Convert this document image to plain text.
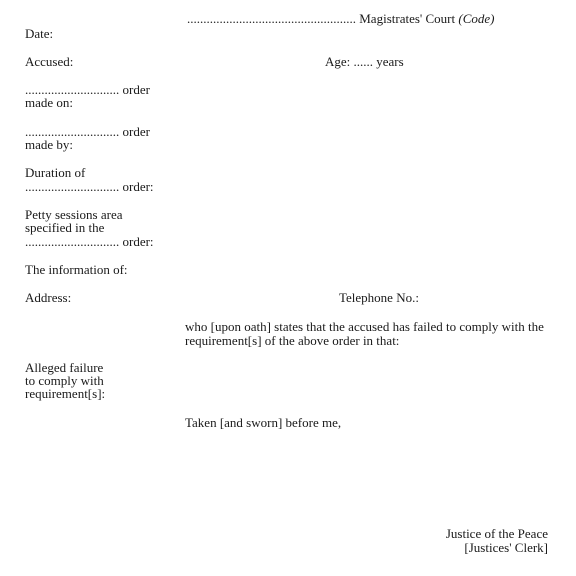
.................................................... Magistrates' Court (Code)
Date:
Accused:	Age: ...... years
............................. order
made on:
............................. order
made by:
Duration of
............................. order:
Petty sessions area
specified in the
............................. order:
The information of:
Address:	Telephone No.:
who [upon oath] states that the accused has failed to comply with the
requirement[s] of the above order in that:
Alleged failure
to comply with
requirement[s]:
Taken [and sworn] before me,
Justice of the Peace
[Justices' Clerk]
